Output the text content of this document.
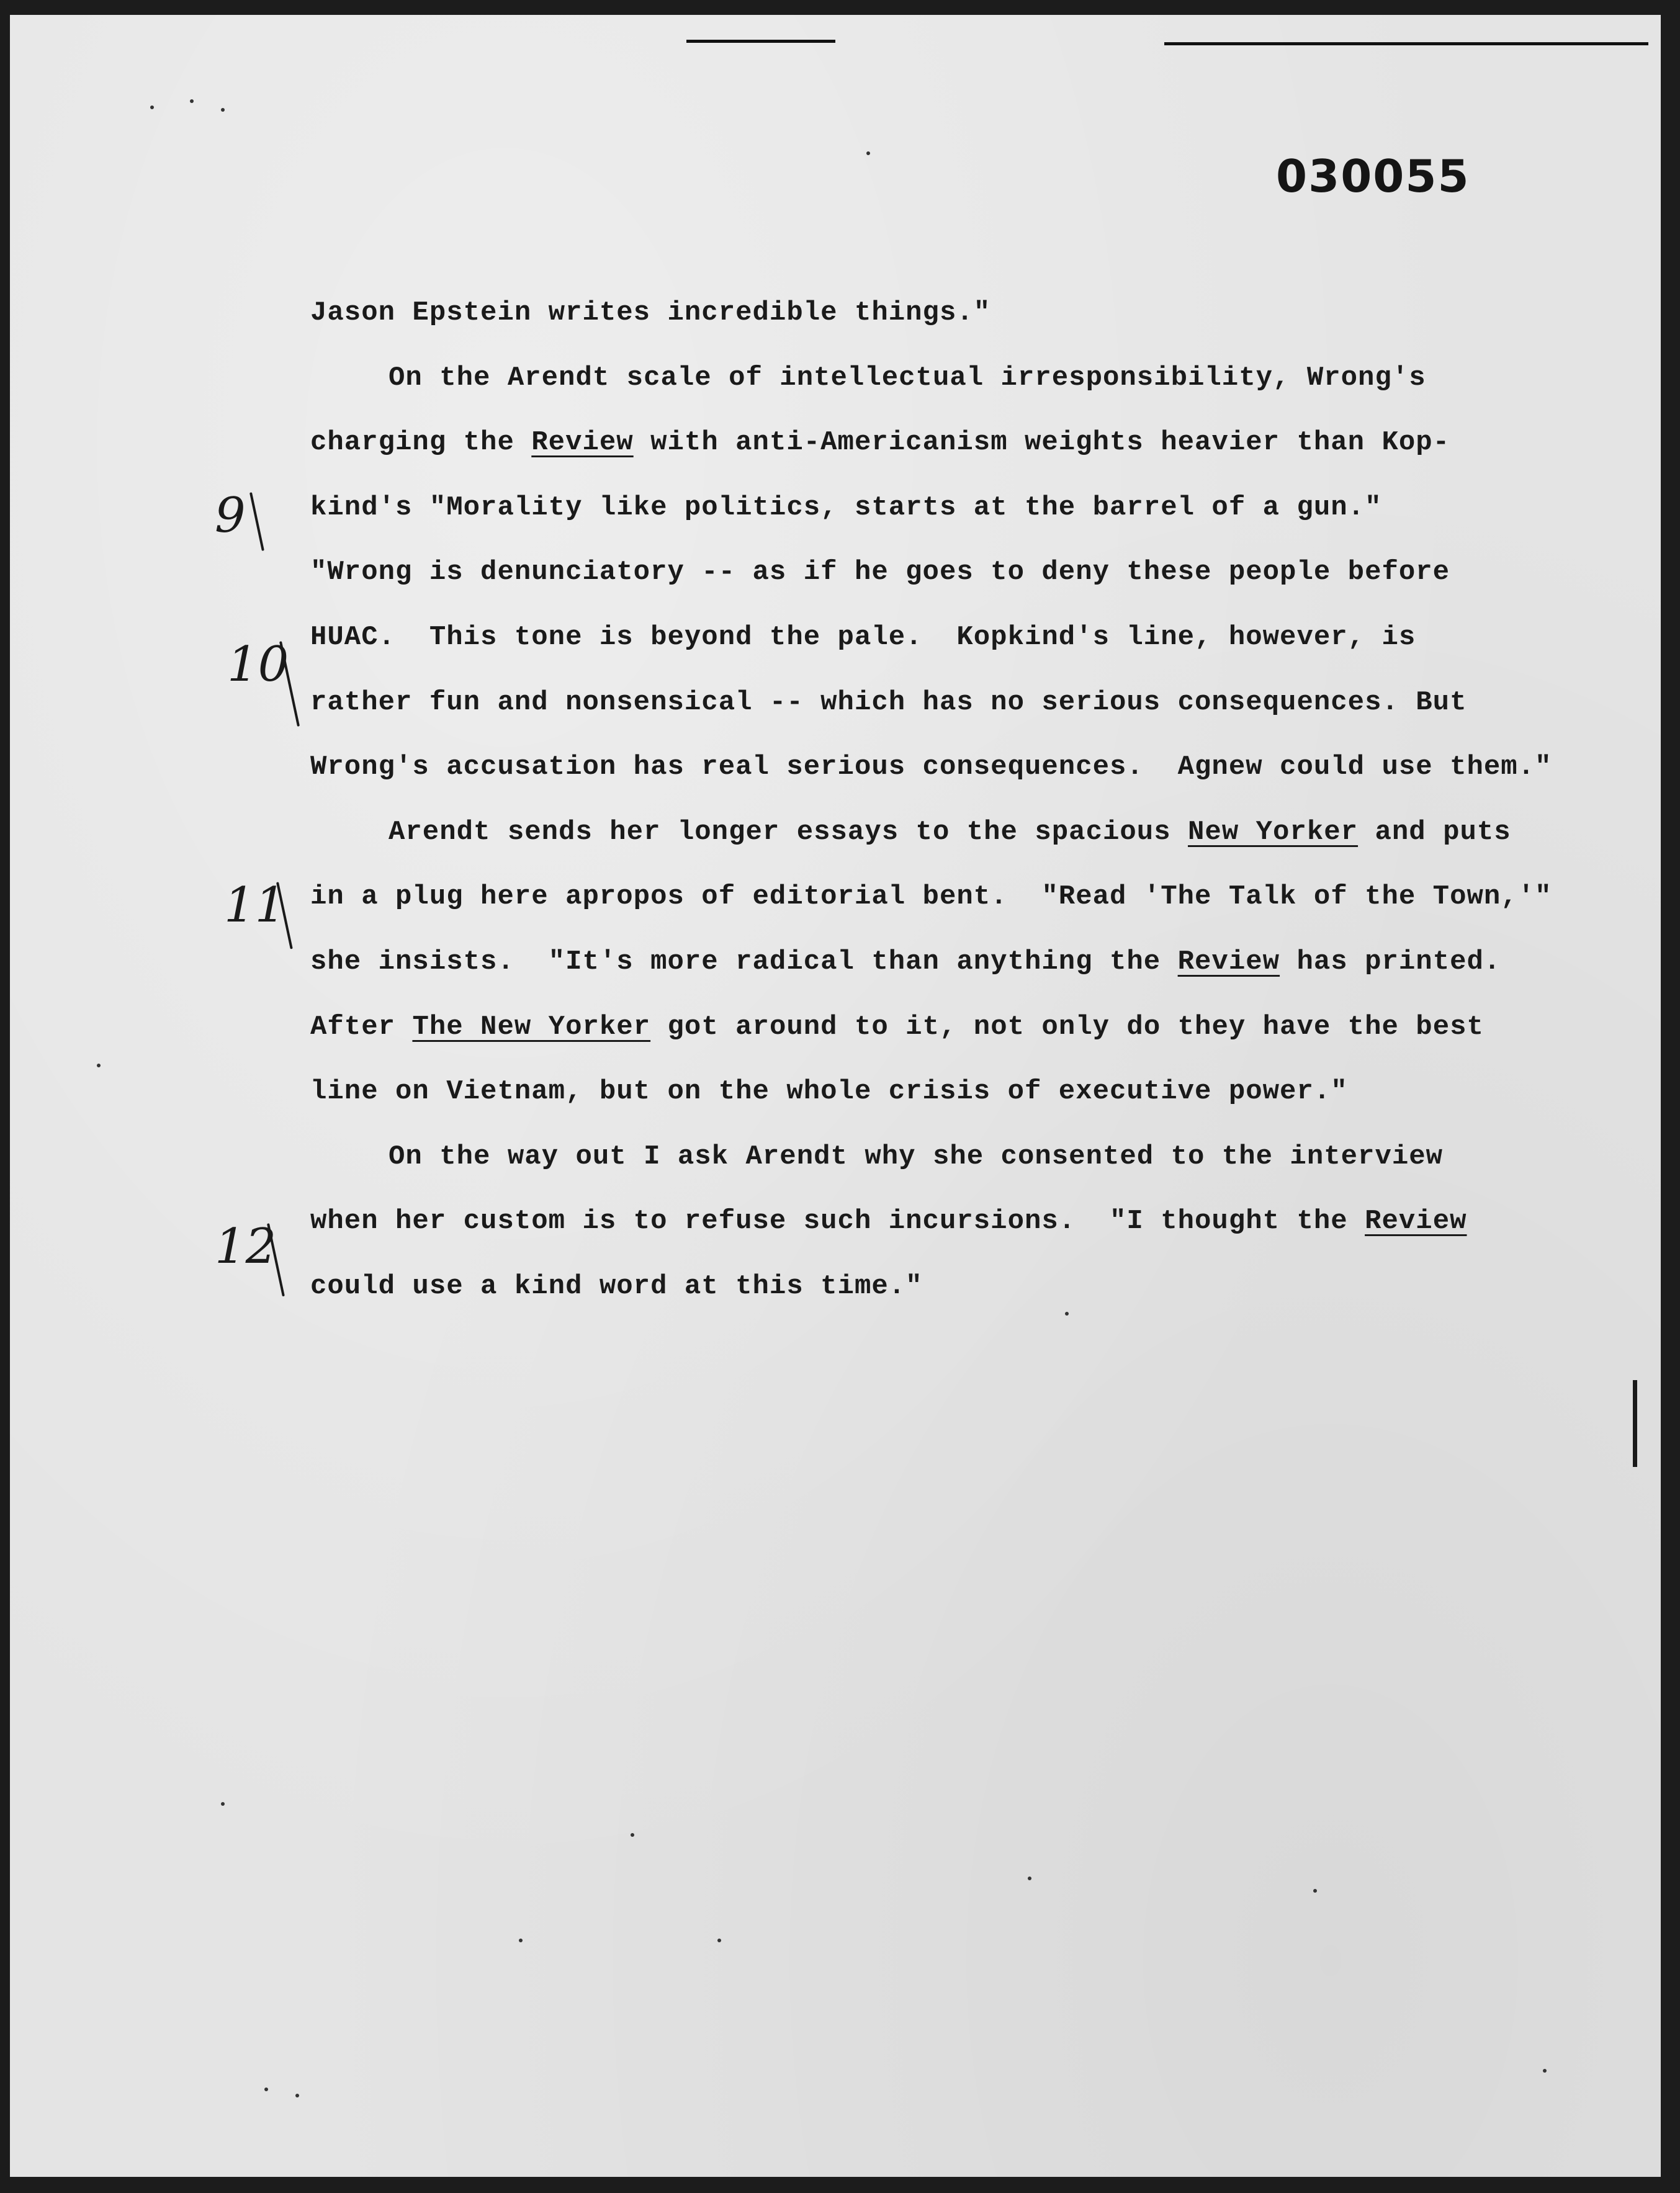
030055
Jason Epstein writes incredible things."
On the Arendt scale of intellectual irresponsibility, Wrong's
charging the Review with anti-Americanism weights heavier than Kop-
kind's "Morality like politics, starts at the barrel of a gun."
"Wrong is denunciatory -- as if he goes to deny these people before
HUAC.  This tone is beyond the pale.  Kopkind's line, however, is
rather fun and nonsensical -- which has no serious consequences. But
Wrong's accusation has real serious consequences.  Agnew could use them."
Arendt sends her longer essays to the spacious New Yorker and puts
in a plug here apropos of editorial bent.  "Read 'The Talk of the Town,'"
she insists.  "It's more radical than anything the Review has printed.
After The New Yorker got around to it, not only do they have the best
line on Vietnam, but on the whole crisis of executive power."
On the way out I ask Arendt why she consented to the interview
when her custom is to refuse such incursions.  "I thought the Review
could use a kind word at this time."
9
10
11
12
